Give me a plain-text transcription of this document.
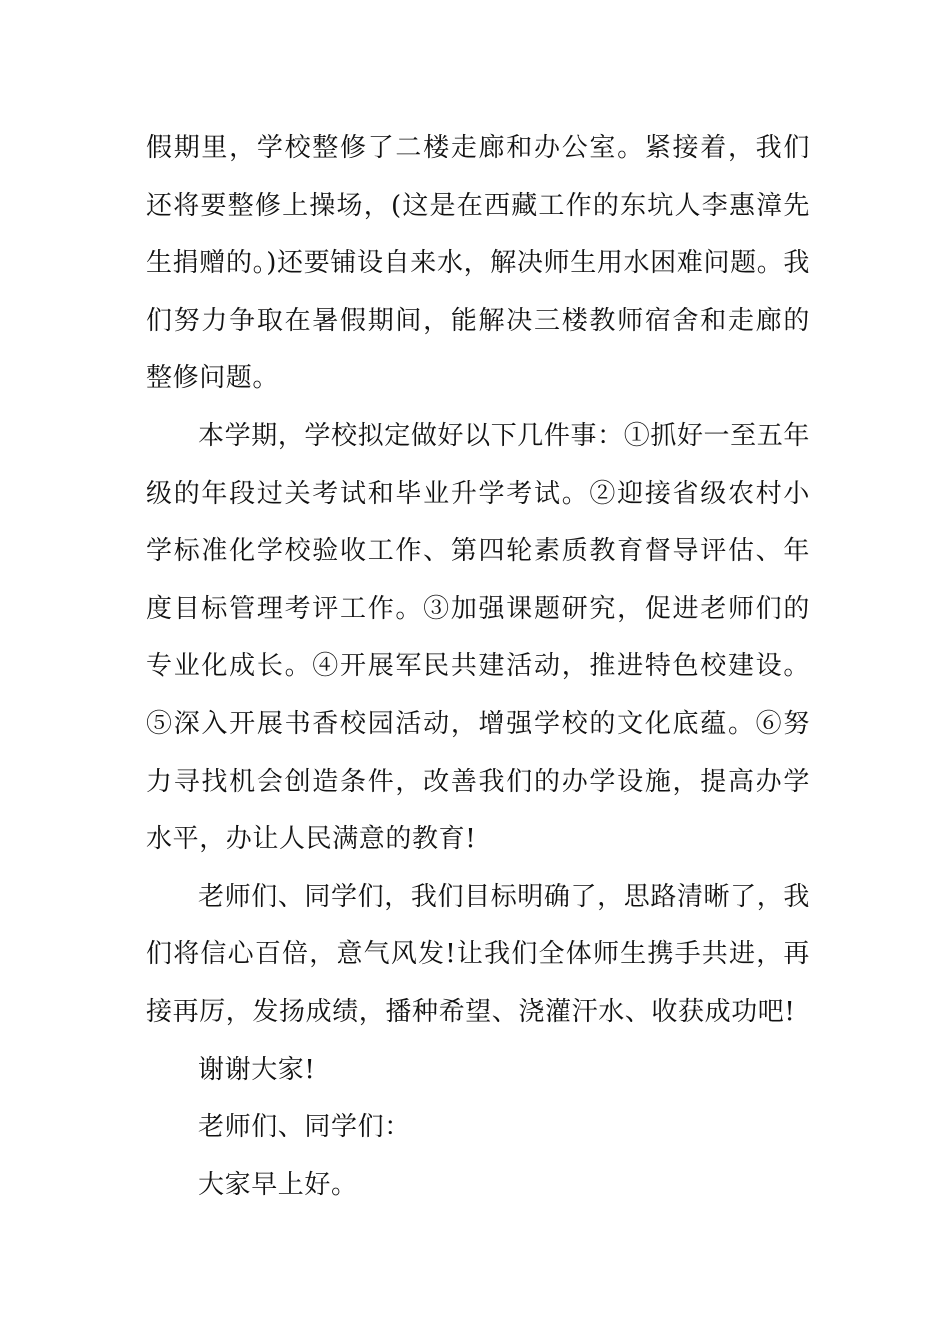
假期里，学校整修了二楼走廊和办公室。紧接着，我们还将要整修上操场，(这是在西藏工作的东坑人李惠漳先生捐赠的。)还要铺设自来水，解决师生用水困难问题。我们努力争取在暑假期间，能解决三楼教师宿舍和走廊的整修问题。

本学期，学校拟定做好以下几件事：①抓好一至五年级的年段过关考试和毕业升学考试。②迎接省级农村小学标准化学校验收工作、第四轮素质教育督导评估、年度目标管理考评工作。③加强课题研究，促进老师们的专业化成长。④开展军民共建活动，推进特色校建设。⑤深入开展书香校园活动，增强学校的文化底蕴。⑥努力寻找机会创造条件，改善我们的办学设施，提高办学水平，办让人民满意的教育!

老师们、同学们，我们目标明确了，思路清晰了，我们将信心百倍，意气风发!让我们全体师生携手共进，再接再厉，发扬成绩，播种希望、浇灌汗水、收获成功吧!

谢谢大家!

老师们、同学们：

大家早上好。
